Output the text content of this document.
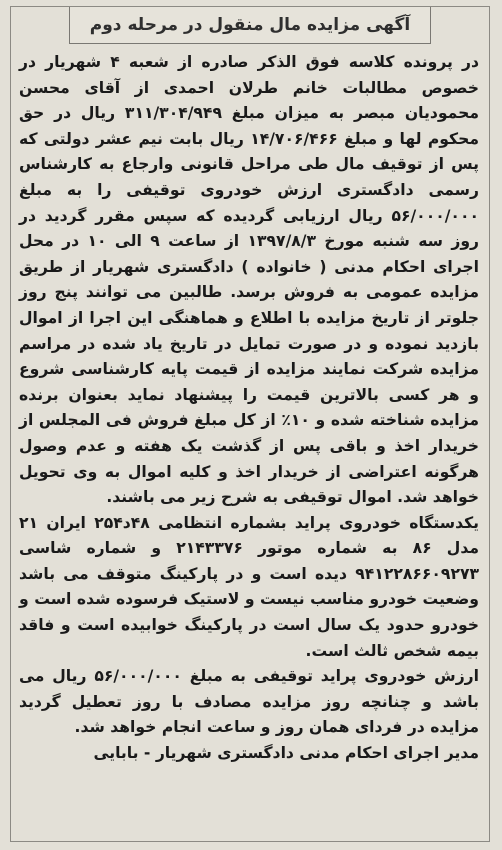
آگهی مزایده مال منقول در مرحله دوم

در پرونده کلاسه فوق الذکر صادره از شعبه ۴ شهریار در خصوص مطالبات خانم طرلان احمدی از آقای محسن محمودیان مبصر به میزان مبلغ ۳۱۱/۳۰۴/۹۴۹ ریال در حق محکوم لها و مبلغ ۱۴/۷۰۶/۴۶۶ ریال بابت نیم عشر دولتی که پس از توقیف مال طی مراحل قانونی وارجاع به کارشناس رسمی دادگستری ارزش خودروی توقیفی را به مبلغ ۵۶/۰۰۰/۰۰۰ ریال ارزیابی گردیده که سپس مقرر گردید در روز سه شنبه مورخ ۱۳۹۷/۸/۳ از ساعت ۹ الی ۱۰ در محل اجرای احکام مدنی ( خانواده ) دادگستری شهریار از طریق مزایده عمومی به فروش برسد. طالبین می توانند پنج روز جلوتر از تاریخ مزایده با اطلاع و هماهنگی این اجرا از اموال بازدید نموده و در صورت تمایل در تاریخ یاد شده در مراسم مزایده شرکت نمایند مزایده از قیمت پایه کارشناسی شروع و هر کسی بالاترین قیمت را پیشنهاد نماید بعنوان برنده مزایده شناخته شده و ۱۰٪ از کل مبلغ فروش فی المجلس از خریدار اخذ و باقی پس از گذشت یک هفته و عدم وصول هرگونه اعتراضی از خریدار اخذ و کلیه اموال به وی تحویل خواهد شد. اموال توقیفی به شرح زیر می باشند.

یکدستگاه خودروی پراید بشماره انتظامی ۴۸د۲۵۴ ایران ۲۱ مدل ۸۶ به شماره موتور ۲۱۴۳۳۷۶ و شماره شاسی ۹۴۱۲۲۸۶۶۰۹۲۷۳ دیده است و در پارکینگ متوقف می باشد وضعیت خودرو مناسب نیست و لاستیک فرسوده شده است و خودرو حدود یک سال است در پارکینگ خوابیده است و فاقد بیمه شخص ثالث است.

ارزش خودروی پراید توقیفی به مبلغ ۵۶/۰۰۰/۰۰۰ ریال می باشد و چنانچه روز مزایده مصادف با روز تعطیل گردید مزایده در فردای همان روز و ساعت انجام خواهد شد.

مدیر اجرای احکام مدنی دادگستری شهریار - بابایی
